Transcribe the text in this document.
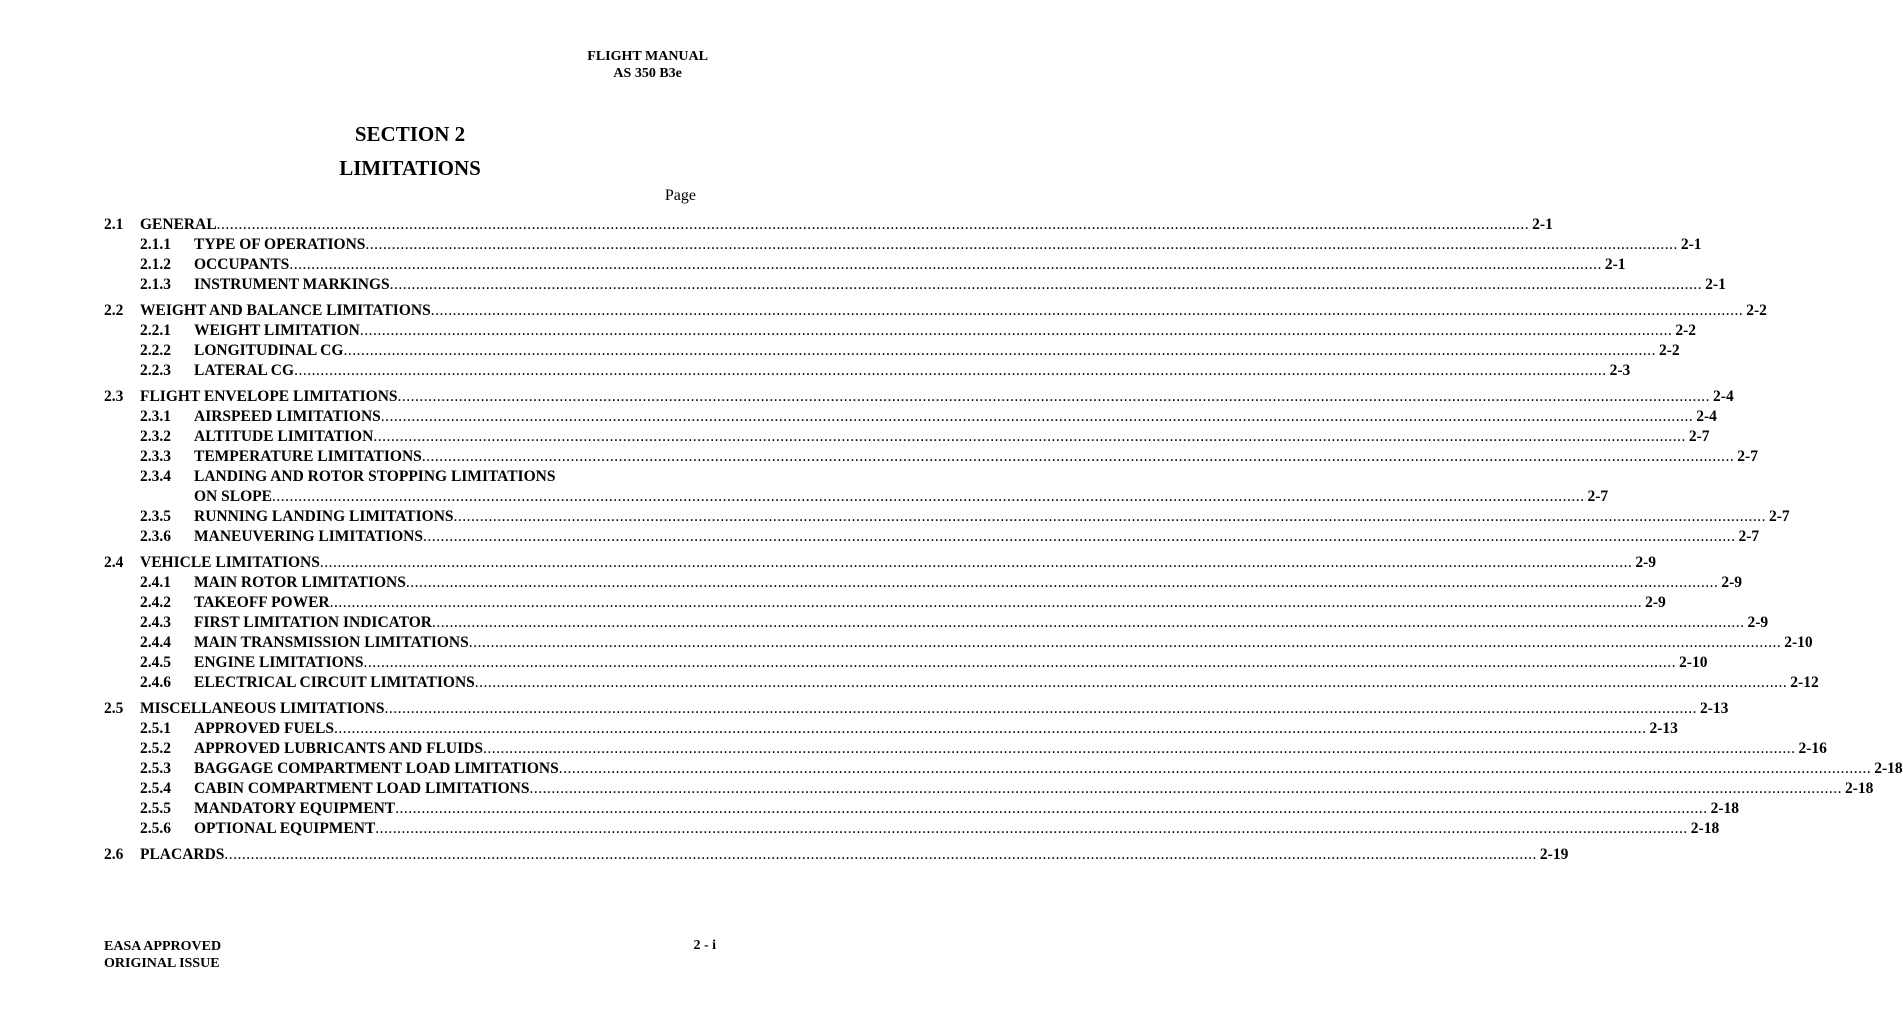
FLIGHT MANUAL
AS 350 B3e
SECTION 2
LIMITATIONS
Page
2.1 GENERAL ............................................................................................................................................................................................................................................................................................................ 2-1
2.1.1 TYPE OF OPERATIONS ............................................................................................................................................................................................................................................................................................................ 2-1
2.1.2 OCCUPANTS ............................................................................................................................................................................................................................................................................................................ 2-1
2.1.3 INSTRUMENT MARKINGS ............................................................................................................................................................................................................................................................................................................ 2-1
2.2 WEIGHT AND BALANCE LIMITATIONS ............................................................................................................................................................................................................................................................................................................ 2-2
2.2.1 WEIGHT LIMITATION ............................................................................................................................................................................................................................................................................................................ 2-2
2.2.2 LONGITUDINAL CG ............................................................................................................................................................................................................................................................................................................ 2-2
2.2.3 LATERAL CG ............................................................................................................................................................................................................................................................................................................ 2-3
2.3 FLIGHT ENVELOPE LIMITATIONS ............................................................................................................................................................................................................................................................................................................ 2-4
2.3.1 AIRSPEED LIMITATIONS ............................................................................................................................................................................................................................................................................................................ 2-4
2.3.2 ALTITUDE LIMITATION ............................................................................................................................................................................................................................................................................................................ 2-7
2.3.3 TEMPERATURE LIMITATIONS ............................................................................................................................................................................................................................................................................................................ 2-7
2.3.4 LANDING AND ROTOR STOPPING LIMITATIONS
ON SLOPE ............................................................................................................................................................................................................................................................................................................ 2-7
2.3.5 RUNNING LANDING LIMITATIONS ............................................................................................................................................................................................................................................................................................................ 2-7
2.3.6 MANEUVERING LIMITATIONS ............................................................................................................................................................................................................................................................................................................ 2-7
2.4 VEHICLE LIMITATIONS ............................................................................................................................................................................................................................................................................................................ 2-9
2.4.1 MAIN ROTOR LIMITATIONS ............................................................................................................................................................................................................................................................................................................ 2-9
2.4.2 TAKEOFF POWER ............................................................................................................................................................................................................................................................................................................ 2-9
2.4.3 FIRST LIMITATION INDICATOR ............................................................................................................................................................................................................................................................................................................ 2-9
2.4.4 MAIN TRANSMISSION LIMITATIONS ............................................................................................................................................................................................................................................................................................................ 2-10
2.4.5 ENGINE LIMITATIONS ............................................................................................................................................................................................................................................................................................................ 2-10
2.4.6 ELECTRICAL CIRCUIT LIMITATIONS ............................................................................................................................................................................................................................................................................................................ 2-12
2.5 MISCELLANEOUS LIMITATIONS ............................................................................................................................................................................................................................................................................................................ 2-13
2.5.1 APPROVED FUELS ............................................................................................................................................................................................................................................................................................................ 2-13
2.5.2 APPROVED LUBRICANTS AND FLUIDS ............................................................................................................................................................................................................................................................................................................ 2-16
2.5.3 BAGGAGE COMPARTMENT LOAD LIMITATIONS ............................................................................................................................................................................................................................................................................................................ 2-18
2.5.4 CABIN COMPARTMENT LOAD LIMITATIONS ............................................................................................................................................................................................................................................................................................................ 2-18
2.5.5 MANDATORY EQUIPMENT ............................................................................................................................................................................................................................................................................................................ 2-18
2.5.6 OPTIONAL EQUIPMENT ............................................................................................................................................................................................................................................................................................................ 2-18
2.6 PLACARDS ............................................................................................................................................................................................................................................................................................................ 2-19
EASA APPROVED
ORIGINAL ISSUE
2 - i
